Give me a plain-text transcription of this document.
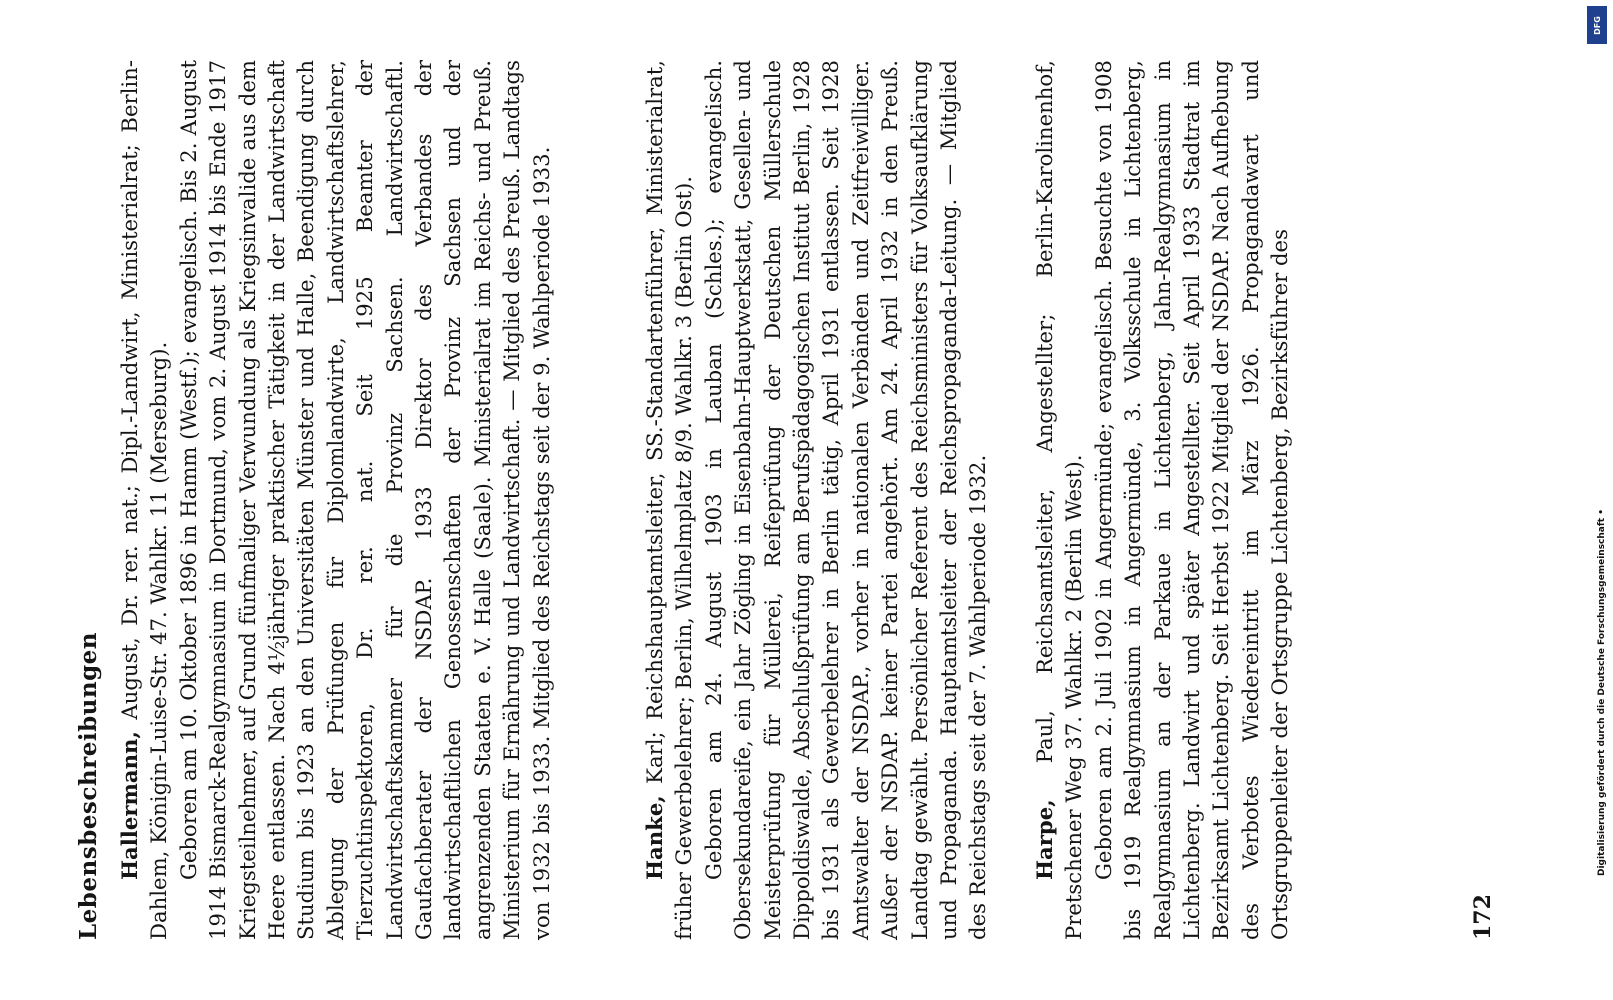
Lebensbeschreibungen Hallermann, August, Dr. rer. nat.; Dipl.-Landwirt, Ministerialrat; Berlin-Dahlem, Königin-Luise-Str. 47. Wahlkr. 11 (Merseburg). Geboren am 10. Oktober 1896 in Hamm (Westf.); evangelisch. Bis 2. August 1914 Bismarck-Realgymnasium in Dortmund, vom 2. August 1914 bis Ende 1917 Kriegsteilnehmer, auf Grund fünfmaliger Verwundung als Kriegsinvalide aus dem Heere entlassen. Nach 4½jähriger praktischer Tätigkeit in der Landwirtschaft Studium bis 1923 an den Universitäten Münster und Halle, Beendigung durch Ablegung der Prüfungen für Diplomlandwirte, Landwirtschaftslehrer, Tierzuchtinspektoren, Dr. rer. nat. Seit 1925 Beamter der Landwirtschaftskammer für die Provinz Sachsen. Landwirtschaftl. Gaufachberater der NSDAP. 1933 Direktor des Verbandes der landwirtschaftlichen Genossenschaften der Provinz Sachsen und der angrenzenden Staaten e. V. Halle (Saale). Ministerialrat im Reichs- und Preuß. Ministerium für Ernährung und Landwirtschaft. — Mitglied des Preuß. Landtags von 1932 bis 1933. Mitglied des Reichstags seit der 9. Wahlperiode 1933.	Hanke, Karl; Reichshauptamtsleiter, SS.-Standartenführer, Ministerialrat, früher Gewerbelehrer; Berlin, Wilhelmplatz 8/9. Wahlkr. 3 (Berlin Ost). Geboren am 24. August 1903 in Lauban (Schles.); evangelisch. Obersekundareife, ein Jahr Zögling in Eisenbahn-Hauptwerkstatt, Gesellen- und Meisterprüfung für Müllerei, Reifeprüfung der Deutschen Müllerschule Dippoldiswalde, Abschlußprüfung am Berufspädagogischen Institut Berlin, 1928 bis 1931 als Gewerbelehrer in Berlin tätig, April 1931 entlassen. Seit 1928 Amtswalter der NSDAP., vorher in nationalen Verbänden und Zeitfreiwilliger. Außer der NSDAP. keiner Partei angehört. Am 24. April 1932 in den Preuß. Landtag gewählt. Persönlicher Referent des Reichsministers für Volksaufklärung und Propaganda. Hauptamtsleiter der Reichspropaganda-Leitung. — Mitglied des Reichstags seit der 7. Wahlperiode 1932. Harpe, Paul, Reichsamtsleiter, Angestellter; Berlin-Karolinenhof, Pretschener Weg 37. Wahlkr. 2 (Berlin West). Geboren am 2. Juli 1902 in Angermünde; evangelisch. Besuchte von 1908 bis 1919 Realgymnasium in Angermünde, 3. Volksschule in Lichtenberg, Realgymnasium an der Parkaue in Lichtenberg, Jahn-Realgymnasium in Lichtenberg. Landwirt und später Angestellter. Seit April 1933 Stadtrat im Bezirksamt Lichtenberg. Seit Herbst 1922 Mitglied der NSDAP. Nach Aufhebung des Verbotes Wiedereintritt im März 1926. Propagandawart und Ortsgruppenleiter der Ortsgruppe Lichtenberg, Bezirksführer des	172
DFG
Digitalisierung gefördert durch die Deutsche Forschungsgemeinschaft •
